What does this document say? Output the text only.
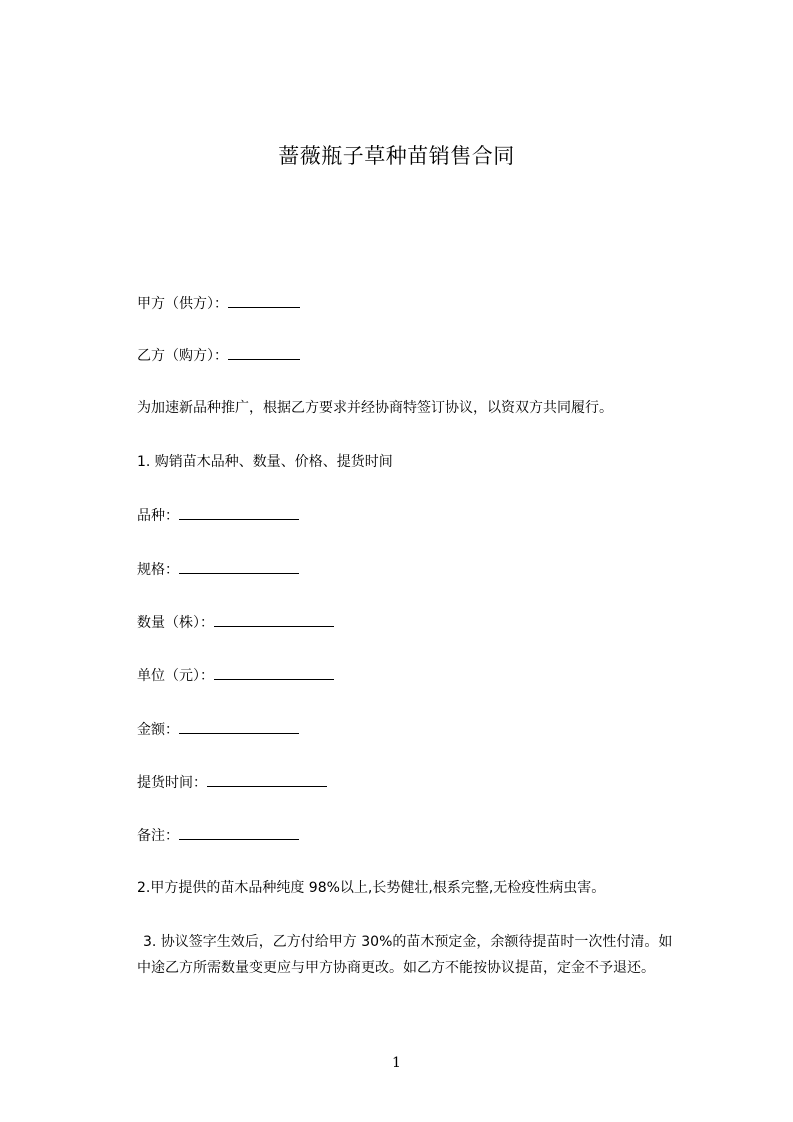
蔷薇瓶子草种苗销售合同
甲方（供方）：
乙方（购方）：
为加速新品种推广，根据乙方要求并经协商特签订协议，以资双方共同履行。
1. 购销苗木品种、数量、价格、提货时间
品种：
规格：
数量（株）：
单位（元）：
金额：
提货时间：
备注：
2.甲方提供的苗木品种纯度 98%以上,长势健壮,根系完整,无检疫性病虫害。
3. 协议签字生效后，乙方付给甲方 30%的苗木预定金，余额待提苗时一次性付清。如中途乙方所需数量变更应与甲方协商更改。如乙方不能按协议提苗，定金不予退还。
1
